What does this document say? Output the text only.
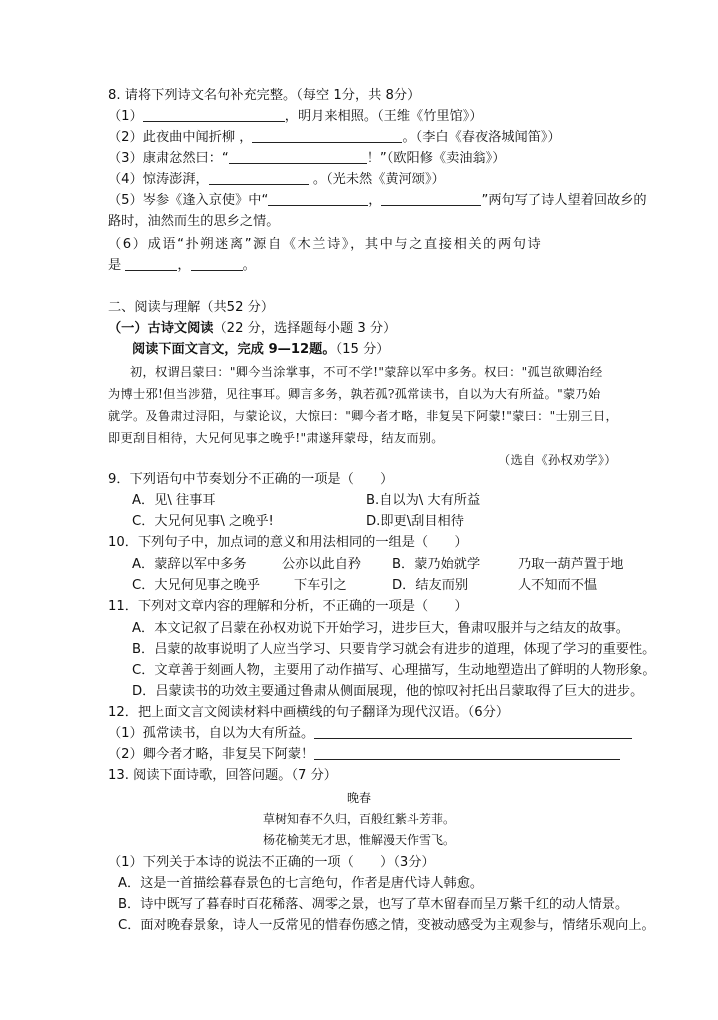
8. 请将下列诗文名句补充完整。（每空 1分，共 8分）
（1）	，明月来相照。（王维《竹里馆》）
（2）此夜曲中闻折柳 ，	。（李白《春夜洛城闻笛》）
（3）康肃忿然曰：“	！”（欧阳修《卖油翁》）
（4）惊涛澎湃，	。（光未然《黄河颂》）
（5）岑参《逢入京使》中“	，	”两句写了诗人望着回故乡的
路时，油然而生的思乡之情。
（6）成语“扑朔迷离”源自《木兰诗》，其中与之直接相关的两句诗
是	，	。
二、阅读与理解（共52 分）
（一）古诗文阅读（22 分，选择题每小题 3 分）
阅读下面文言文，完成 9—12题。（15 分）
初，权谓吕蒙曰："卿今当涂掌事，不可不学!"蒙辞以军中多务。权曰："孤岂欲卿治经
为博士邪!但当涉猎，见往事耳。卿言多务，孰若孤?孤常读书，自以为大有所益。"蒙乃始
就学。及鲁肃过浔阳，与蒙论议，大惊曰："卿今者才略，非复吴下阿蒙!"蒙曰："士别三日，
即更刮目相待，大兄何见事之晚乎!"肃遂拜蒙母，结友而别。
（选自《孙权劝学》）
9．下列语句中节奏划分不正确的一项是（　　）
A．见\ 往事耳	B.自以为\ 大有所益
C．大兄何见事\ 之晚乎!	D.即更\刮目相待
10．下列句子中，加点词的意义和用法相同的一组是（　　）
A．蒙辞以军中多务	公亦以此自矜 B．蒙乃始就学	乃取一葫芦置于地
C．大兄何见事之晚乎	下车引之	D．结友而别	人不知而不愠
11．下列对文章内容的理解和分析，不正确的一项是（　　）
A．本文记叙了吕蒙在孙权劝说下开始学习，进步巨大，鲁肃叹服并与之结友的故事。
B．吕蒙的故事说明了人应当学习、只要肯学习就会有进步的道理，体现了学习的重要性。
C．文章善于刻画人物，主要用了动作描写、心理描写，生动地塑造出了鲜明的人物形象。
D．吕蒙读书的功效主要通过鲁肃从侧面展现，他的惊叹衬托出吕蒙取得了巨大的进步。
12．把上面文言文阅读材料中画横线的句子翻译为现代汉语。（6分）
（1）孤常读书，自以为大有所益。
（2）卿今者才略，非复吴下阿蒙！
13. 阅读下面诗歌，回答问题。（7 分）
晚春
草树知春不久归，百般红紫斗芳菲。
杨花榆荚无才思，惟解漫天作雪飞。
（1）下列关于本诗的说法不正确的一项（　　）（3分）
A．这是一首描绘暮春景色的七言绝句，作者是唐代诗人韩愈。
B．诗中既写了暮春时百花稀落、凋零之景，也写了草木留春而呈万紫千红的动人情景。
C．面对晚春景象，诗人一反常见的惜春伤感之情，变被动感受为主观参与，情绪乐观向上。
